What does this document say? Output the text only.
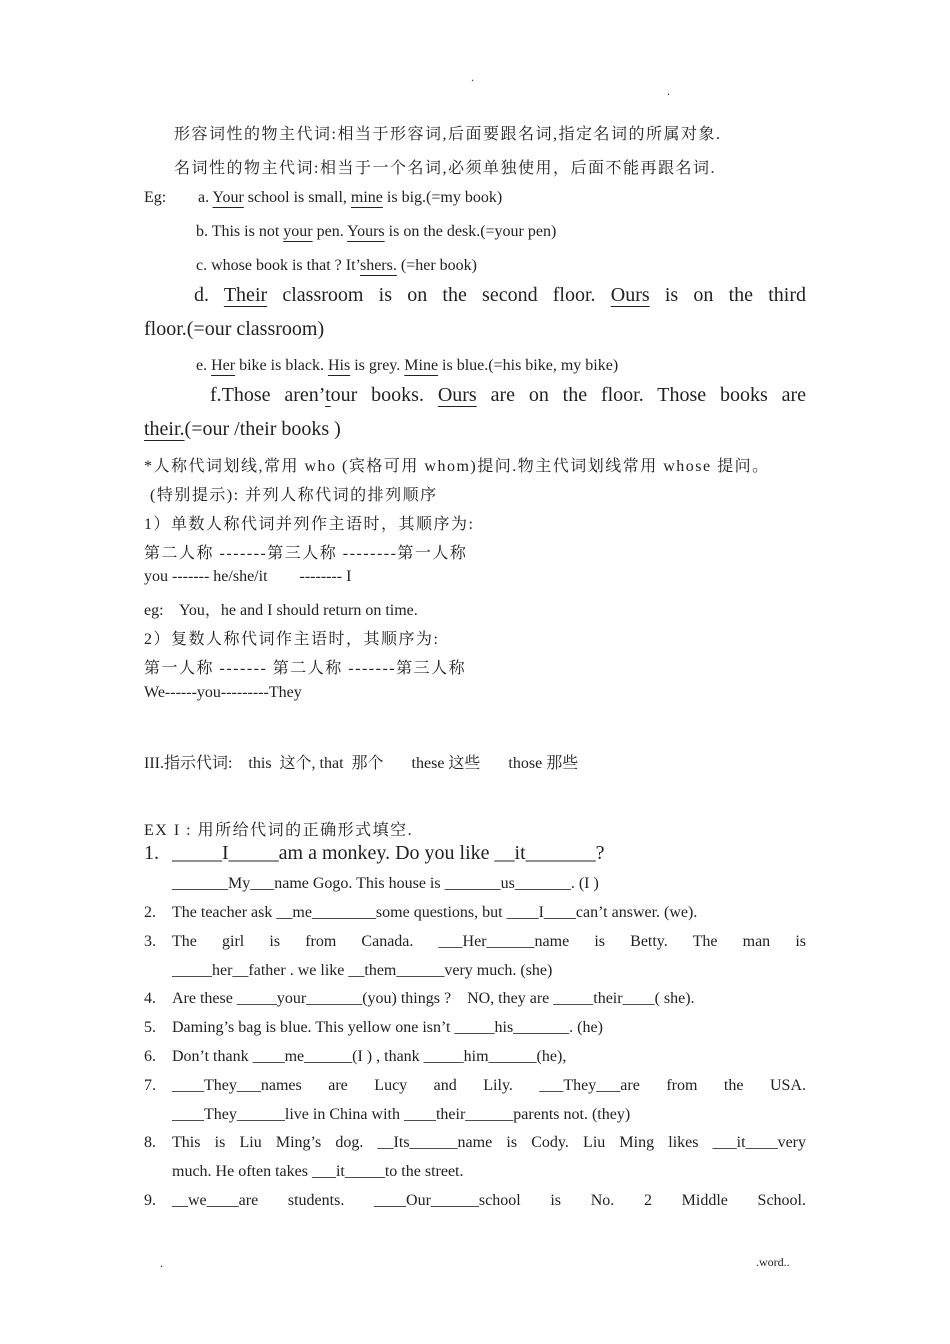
.
.
形容词性的物主代词:相当于形容词,后面要跟名词,指定名词的所属对象.
名词性的物主代词:相当于一个名词,必须单独使用，后面不能再跟名词.
Eg: a. Your school is small, mine is big.(=my book)
b. This is not your pen. Yours is on the desk.(=your pen)
c. whose book is that ? It’shers. (=her book)
d. Their classroom is on the second floor. Ours is on the third
floor.(=our classroom)
e. Her bike is black. His is grey. Mine is blue.(=his bike, my bike)
f.Those aren’tour books. Ours are on the floor. Those books are
their.(=our /their books )
*人称代词划线,常用 who (宾格可用 whom)提问.物主代词划线常用 whose 提问。
(特别提示): 并列人称代词的排列顺序
1）单数人称代词并列作主语时，其顺序为:
第二人称 -------第三人称 --------第一人称
you ------- he/she/it        -------- I
eg:    You，he and I should return on time.
2）复数人称代词作主语时，其顺序为:
第一人称 ------- 第二人称 -------第三人称
We------you---------They
III.指示代词:    this  这个, that  那个       these 这些       those 那些
EX I : 用所给代词的正确形式填空.
1. _____I_____am a monkey. Do you like __it_______?
_______My___name Gogo. This house is _______us_______. (I )
2. The teacher ask __me________some questions, but ____I____can’t answer. (we).
3. The girl is from Canada. ___Her______name is Betty. The man is
_____her__father . we like __them______very much. (she)
4. Are these _____your_______(you) things ?    NO, they are _____their____( she).
5. Daming’s bag is blue. This yellow one isn’t _____his_______. (he)
6. Don’t thank ____me______(I ) , thank _____him______(he),
7. ____They___names are Lucy and Lily. ___They___are from the USA.
____They______live in China with ____their______parents not. (they)
8. This is Liu Ming’s dog. __Its______name is Cody. Liu Ming likes ___it____very
much. He often takes ___it_____to the street.
9. __we____are students. ____Our______school is No. 2 Middle School.
.	.word..
